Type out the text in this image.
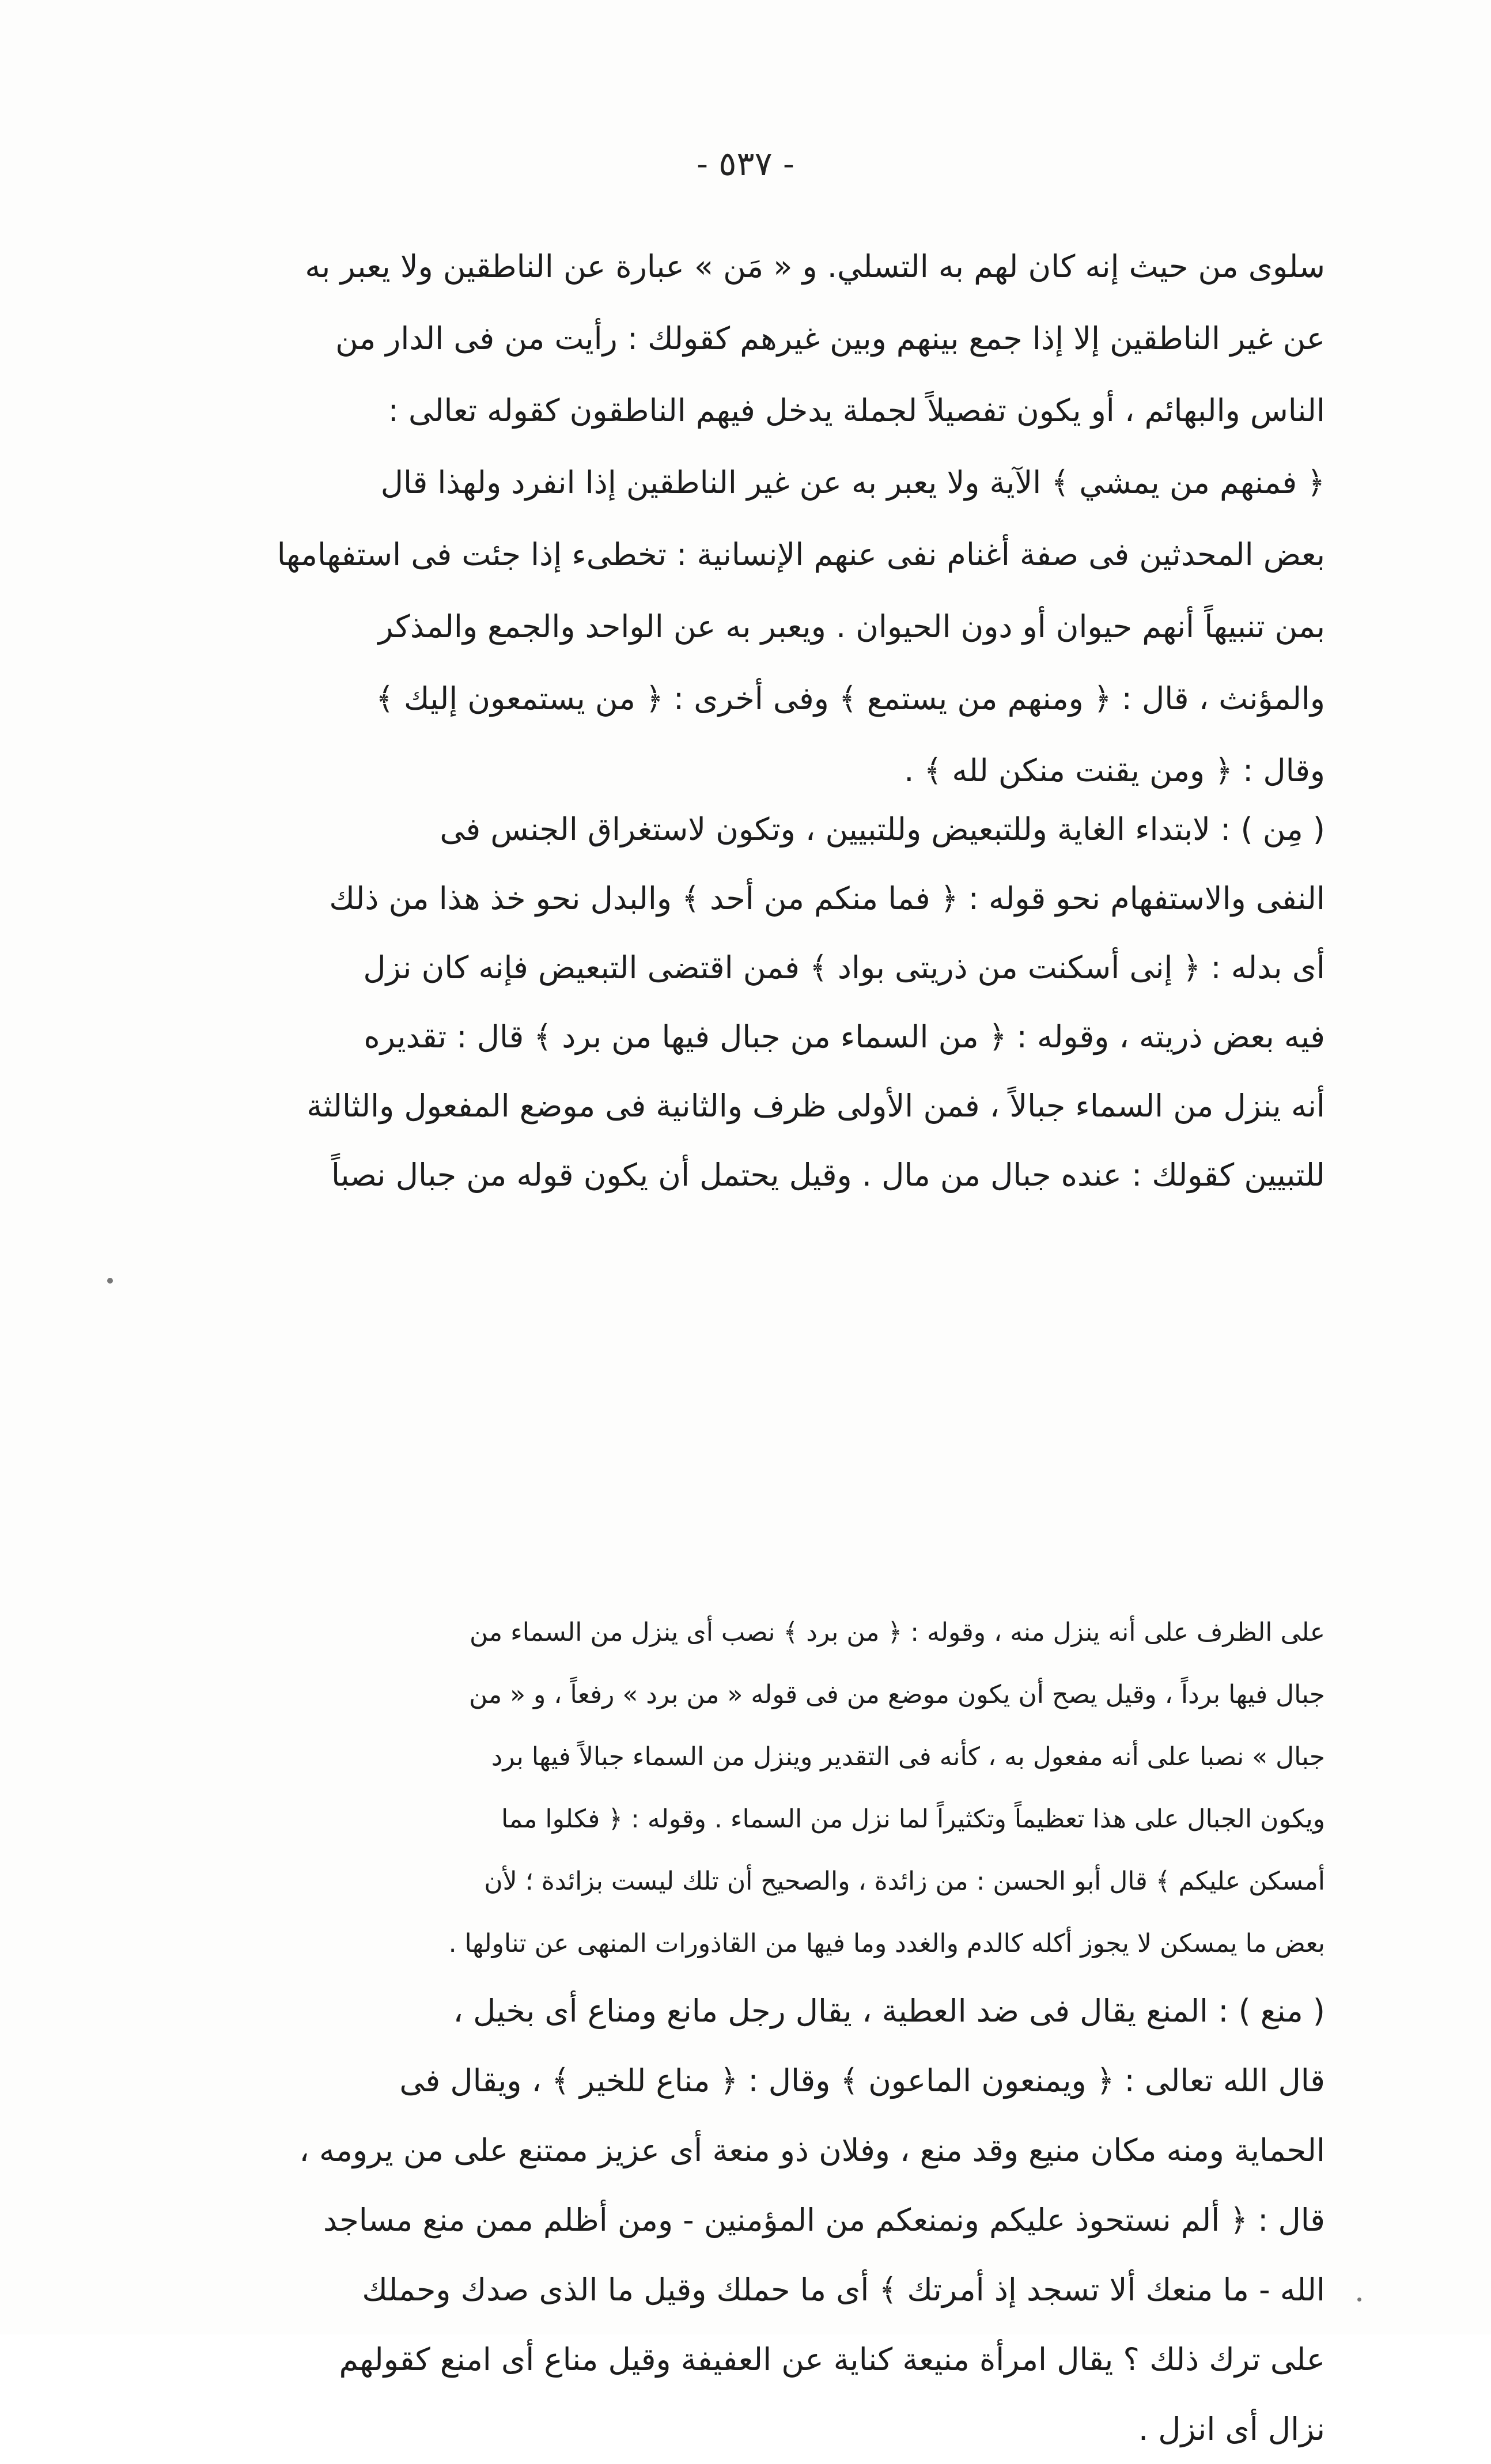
- ٥٣٧ -
سلوى من حيث إنه كان لهم به التسلي. و « مَن » عبارة عن الناطقين ولا يعبر به
عن غير الناطقين إلا إذا جمع بينهم وبين غيرهم كقولك : رأيت من فى الدار من
الناس والبهائم ، أو يكون تفصيلاً لجملة يدخل فيهم الناطقون كقوله تعالى :
﴿ فمنهم من يمشي ﴾ الآية ولا يعبر به عن غير الناطقين إذا انفرد ولهذا قال
بعض المحدثين فى صفة أغنام نفى عنهم الإنسانية : تخطىء إذا جئت فى استفهامها
بمن تنبيهاً أنهم حيوان أو دون الحيوان . ويعبر به عن الواحد والجمع والمذكر
والمؤنث ، قال : ﴿ ومنهم من يستمع ﴾ وفى أخرى : ﴿ من يستمعون إليك ﴾
وقال : ﴿ ومن يقنت منكن لله ﴾ .
( مِن ) : لابتداء الغاية وللتبعيض وللتبيين ، وتكون لاستغراق الجنس فى
النفى والاستفهام نحو قوله : ﴿ فما منكم من أحد ﴾ والبدل نحو خذ هذا من ذلك
أى بدله : ﴿ إنى أسكنت من ذريتى بواد ﴾ فمن اقتضى التبعيض فإنه كان نزل
فيه بعض ذريته ، وقوله : ﴿ من السماء من جبال فيها من برد ﴾ قال : تقديره
أنه ينزل من السماء جبالاً ، فمن الأولى ظرف والثانية فى موضع المفعول والثالثة
للتبيين كقولك : عنده جبال من مال . وقيل يحتمل أن يكون قوله من جبال نصباً
على الظرف على أنه ينزل منه ، وقوله : ﴿ من برد ﴾ نصب أى ينزل من السماء من
جبال فيها برداً ، وقيل يصح أن يكون موضع من فى قوله « من برد » رفعاً ، و « من
جبال » نصبا على أنه مفعول به ، كأنه فى التقدير وينزل من السماء جبالاً فيها برد
ويكون الجبال على هذا تعظيماً وتكثيراً لما نزل من السماء . وقوله : ﴿ فكلوا مما
أمسكن عليكم ﴾ قال أبو الحسن : من زائدة ، والصحيح أن تلك ليست بزائدة ؛ لأن
بعض ما يمسكن لا يجوز أكله كالدم والغدد وما فيها من القاذورات المنهى عن تناولها .
( منع ) : المنع يقال فى ضد العطية ، يقال رجل مانع ومناع أى بخيل ،
قال الله تعالى : ﴿ ويمنعون الماعون ﴾ وقال : ﴿ مناع للخير ﴾ ، ويقال فى
الحماية ومنه مكان منيع وقد منع ، وفلان ذو منعة أى عزيز ممتنع على من يرومه ،
قال : ﴿ ألم نستحوذ عليكم ونمنعكم من المؤمنين - ومن أظلم ممن منع مساجد
الله - ما منعك ألا تسجد إذ أمرتك ﴾ أى ما حملك وقيل ما الذى صدك وحملك
على ترك ذلك ؟ يقال امرأة منيعة كناية عن العفيفة وقيل مناع أى امنع كقولهم
نزال أى انزل .
